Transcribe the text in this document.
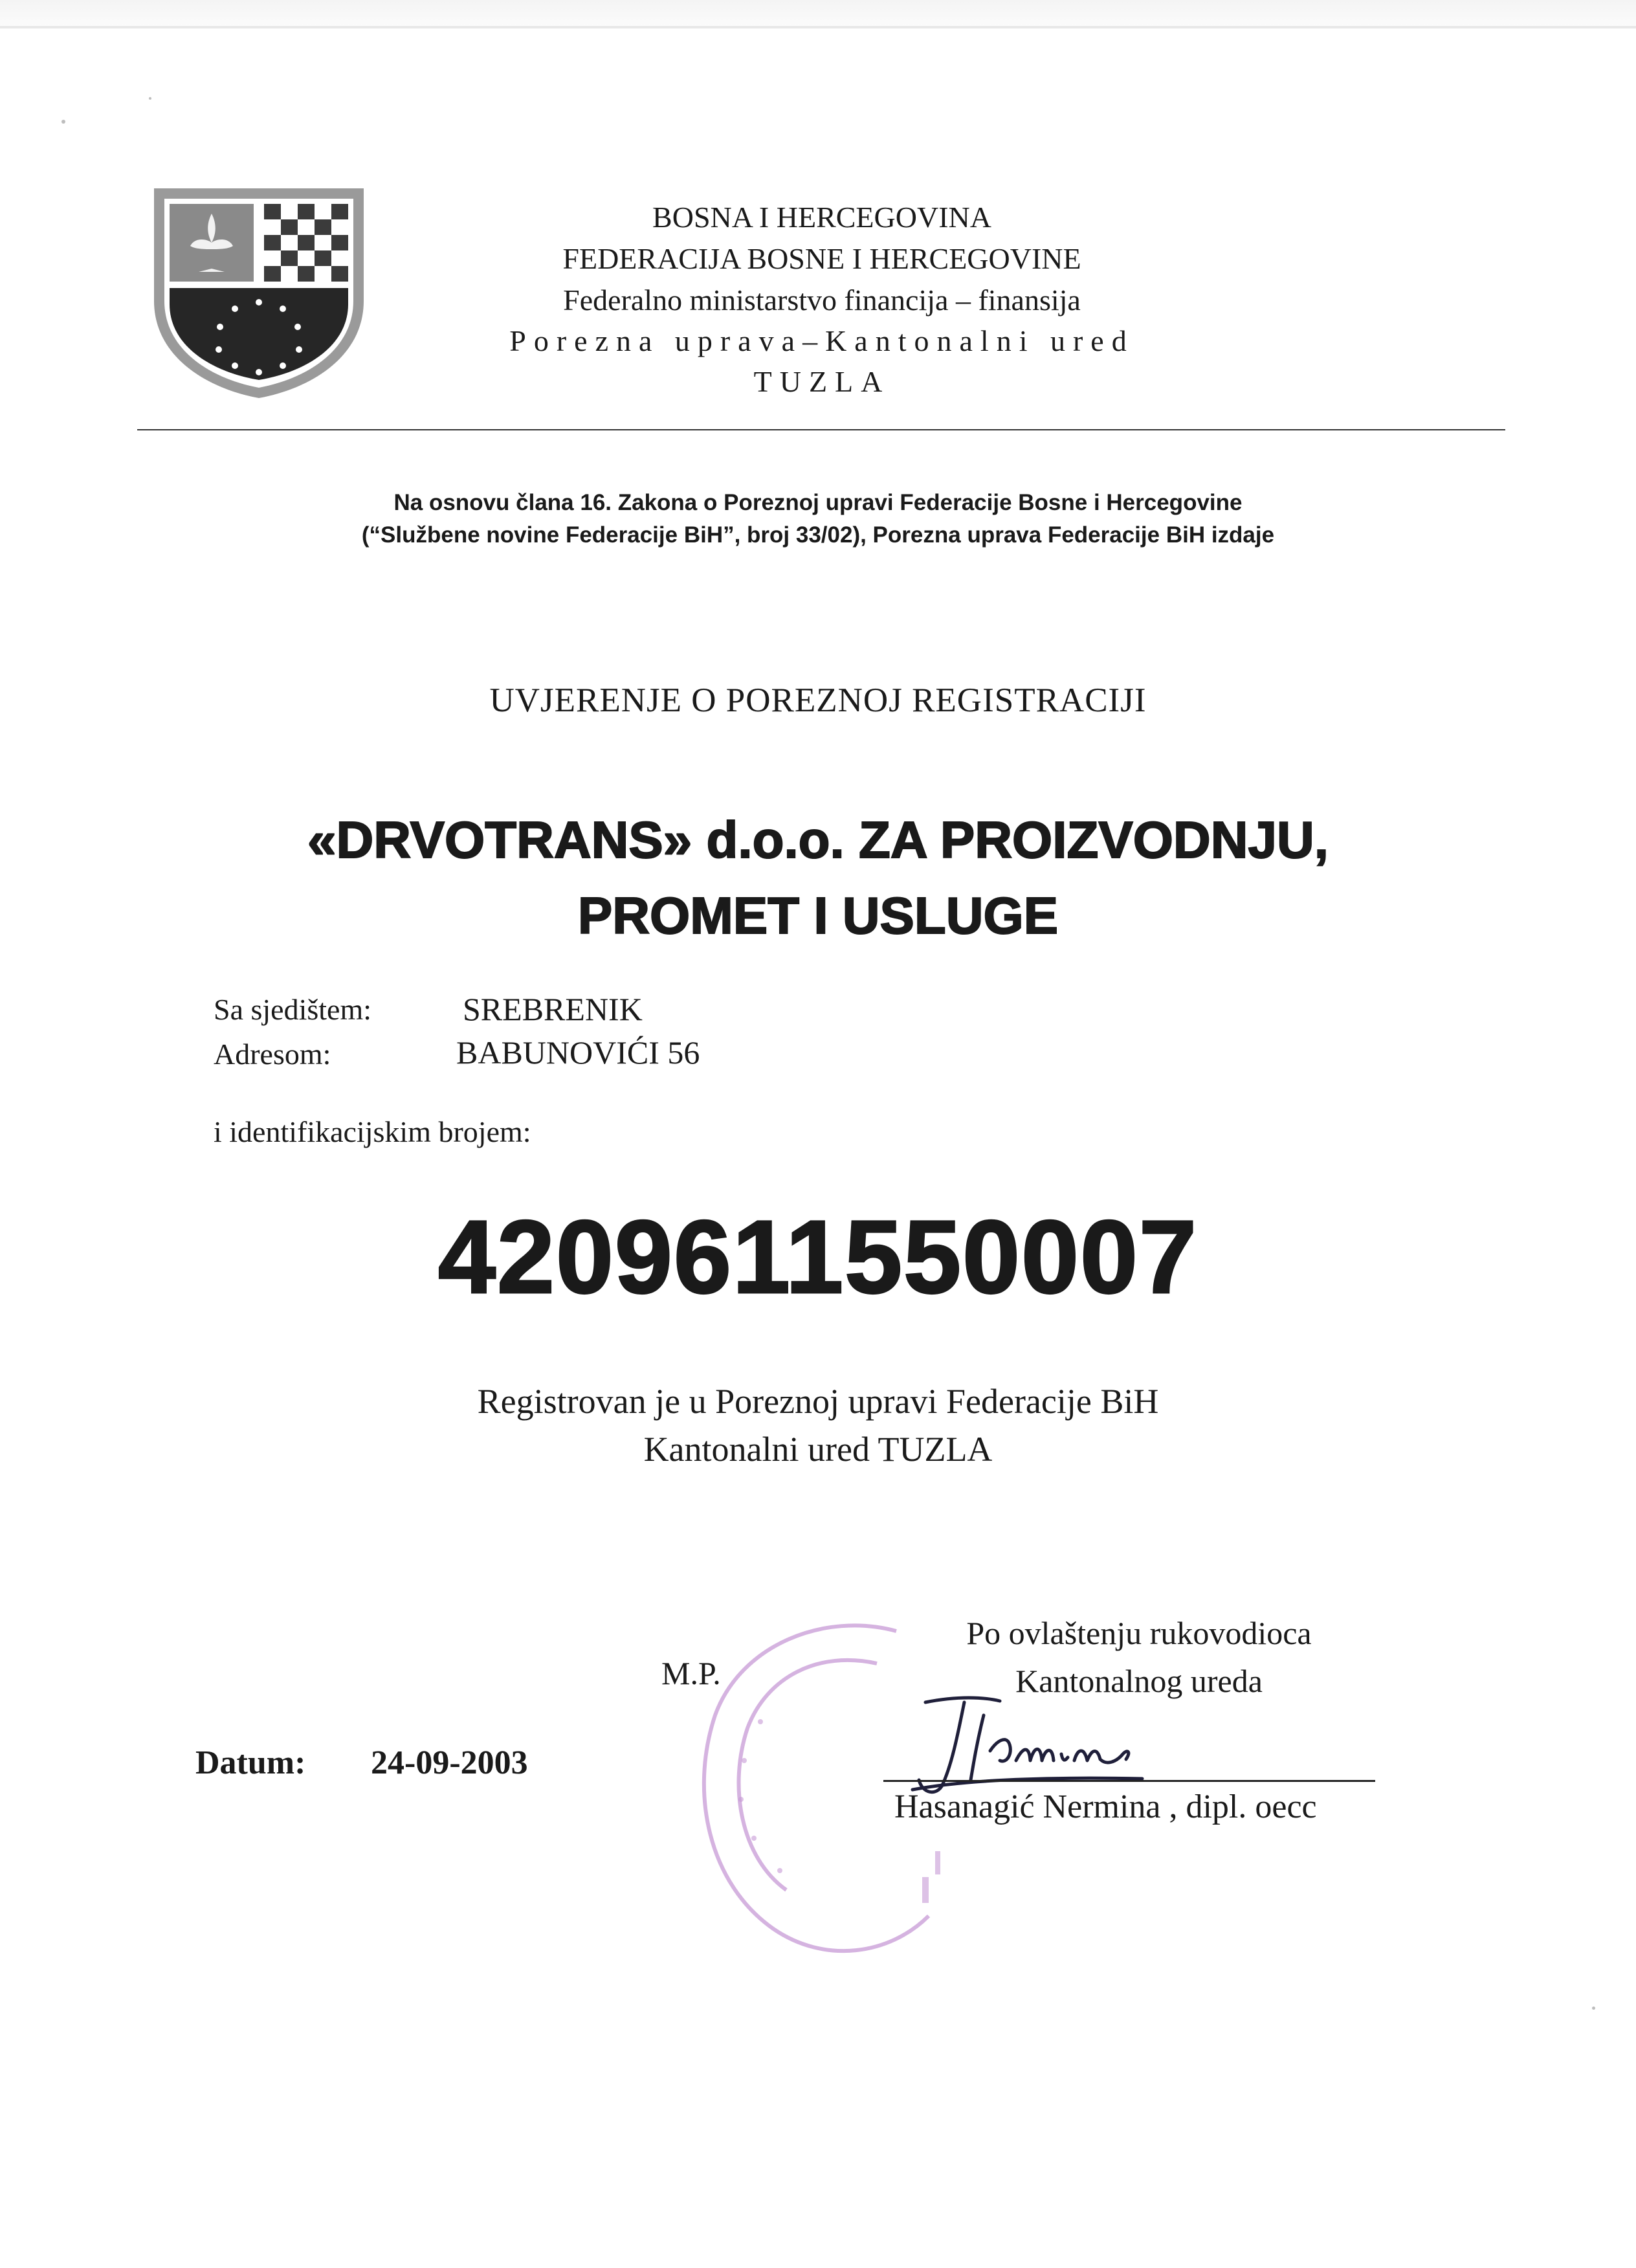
BOSNA I HERCEGOVINA

FEDERACIJA BOSNE I HERCEGOVINE

Federalno ministarstvo financija – finansija

Porezna uprava–Kantonalni ured

TUZLA

Na osnovu člana 16. Zakona o Poreznoj upravi Federacije Bosne i Hercegovine

(“Službene novine Federacije BiH”, broj 33/02), Porezna uprava Federacije BiH izdaje

UVJERENJE O POREZNOJ REGISTRACIJI

«DRVOTRANS» d.o.o. ZA PROIZVODNJU,

PROMET I USLUGE

Sa sjedištem:	SREBRENIK

Adresom:	BABUNOVIĆI 56

i identifikacijskim brojem:

4209611550007

Registrovan je u Poreznoj upravi Federacije BiH

Kantonalni ured TUZLA

M.P.

Po ovlaštenju rukovodioca

Kantonalnog ureda

Datum: 24-09-2003

Hasanagić Nermina , dipl. oecc
